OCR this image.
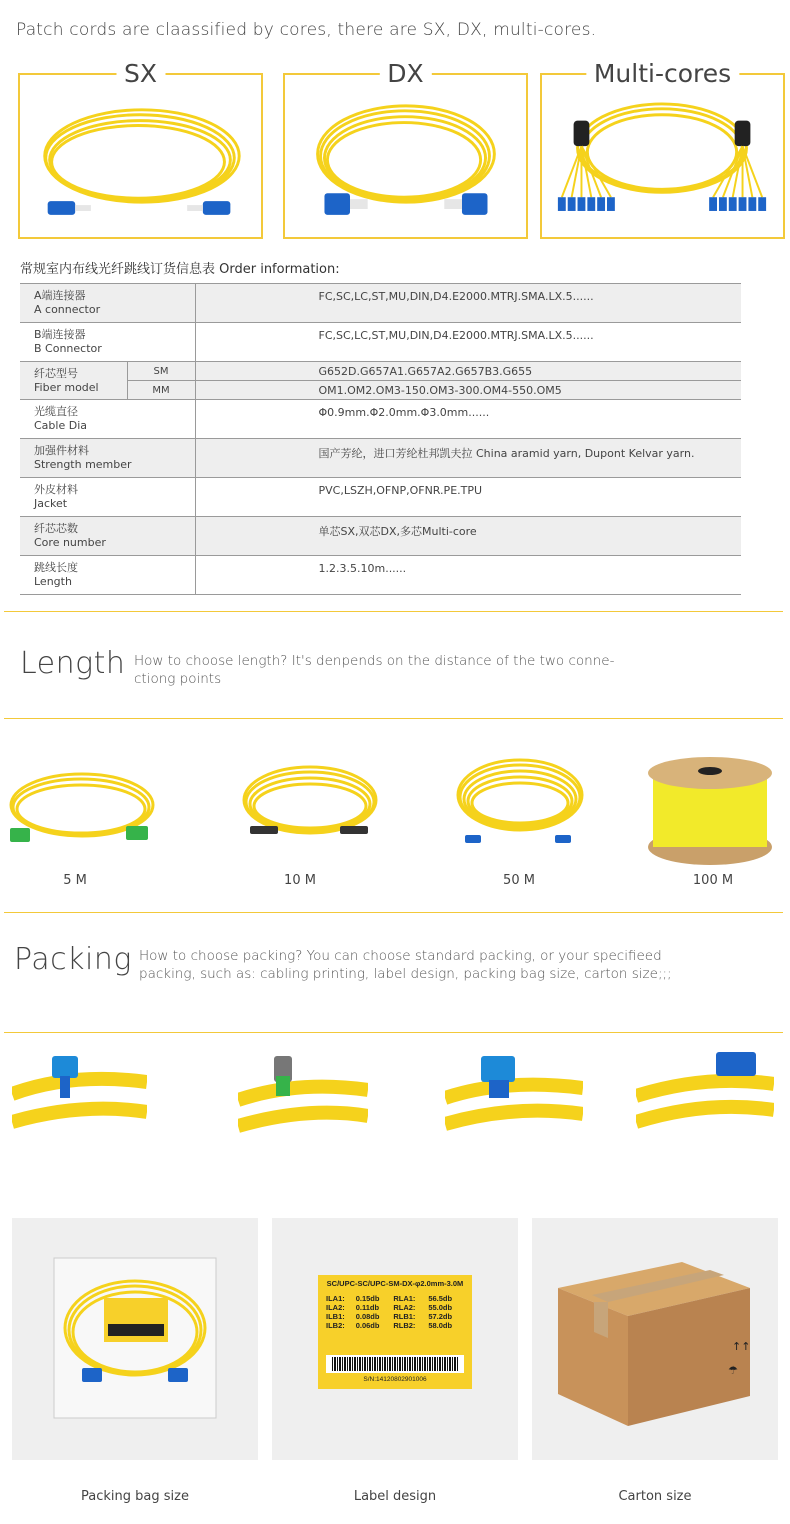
Patch cords are claassified by cores, there are SX, DX, multi-cores.
SX	DX	Multi-cores
常规室内布线光纤跳线订货信息表 Order information:
A端连接器
A connector		FC,SC,LC,ST,MU,DIN,D4.E2000.MTRJ.SMA.LX.5......

B端连接器
B Connector		FC,SC,LC,ST,MU,DIN,D4.E2000.MTRJ.SMA.LX.5......

纤芯型号
Fiber model	SM	G652D.G657A1.G657A2.G657B3.G655
	MM	OM1.OM2.OM3-150.OM3-300.OM4-550.OM5

光缆直径
Cable Dia		Φ0.9mm.Φ2.0mm.Φ3.0mm......

加强件材料
Strength member		国产芳纶，进口芳纶杜邦凯夫拉 China aramid yarn, Dupont Kelvar yarn.

外皮材料
Jacket		PVC,LSZH,OFNP,OFNR.PE.TPU

纤芯芯数
Core number		单芯SX,双芯DX,多芯Multi-core

跳线长度
Length		1.2.3.5.10m......
Length How to choose length? It's denpends on the distance of the two conne-
ctiong points
5 M	10 M	50 M	100 M
Packing How to choose packing? You can choose standard packing, or your specifieed
packing, such as: cabling printing, label design, packing bag size, carton size;;;
SC/UPC-SC/UPC-SM-DX-φ2.0mm-3.0M
ILA1:	0.15db	RLA1:	56.5db
ILA2:	0.11db	RLA2:	55.0db
ILB1:	0.08db	RLB1:	57.2db
ILB2:	0.06db	RLB2:	58.0db
S/N:14120802901006
↑↑
☂
Packing bag size	Label design	Carton size
